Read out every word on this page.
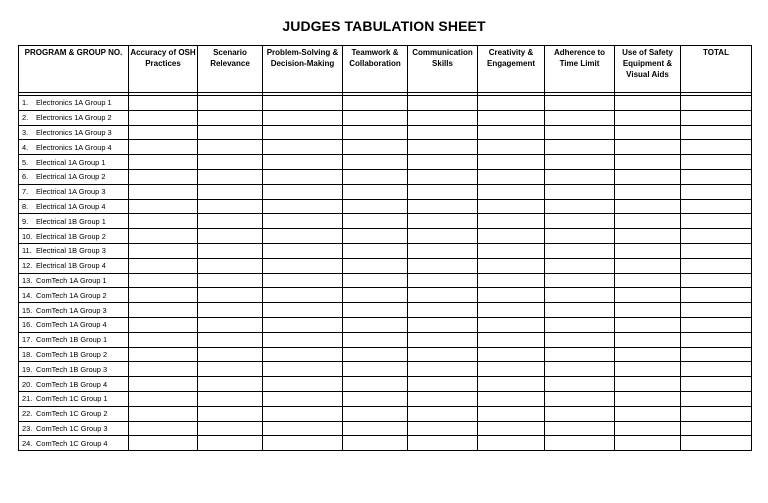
JUDGES TABULATION SHEET
PROGRAM & GROUP NO.	Accuracy of OSH Practices	Scenario Relevance	Problem-Solving & Decision-Making	Teamwork & Collaboration	Communication Skills	Creativity & Engagement	Adherence to Time Limit	Use of Safety Equipment & Visual Aids	TOTAL

1. Electronics 1A Group 1									
2. Electronics 1A Group 2									
3. Electronics 1A Group 3									
4. Electronics 1A Group 4									
5. Electrical 1A Group 1									
6. Electrical 1A Group 2									
7. Electrical 1A Group 3									
8. Electrical 1A Group 4									
9. Electrical 1B Group 1									
10. Electrical 1B Group 2									
11. Electrical 1B Group 3									
12. Electrical 1B Group 4									
13. ComTech 1A Group 1									
14. ComTech 1A Group 2									
15. ComTech 1A Group 3									
16. ComTech 1A Group 4									
17. ComTech 1B Group 1									
18. ComTech 1B Group 2									
19. ComTech 1B Group 3									
20. ComTech 1B Group 4									
21. ComTech 1C Group 1									
22. ComTech 1C Group 2									
23. ComTech 1C Group 3									
24. ComTech 1C Group 4									
